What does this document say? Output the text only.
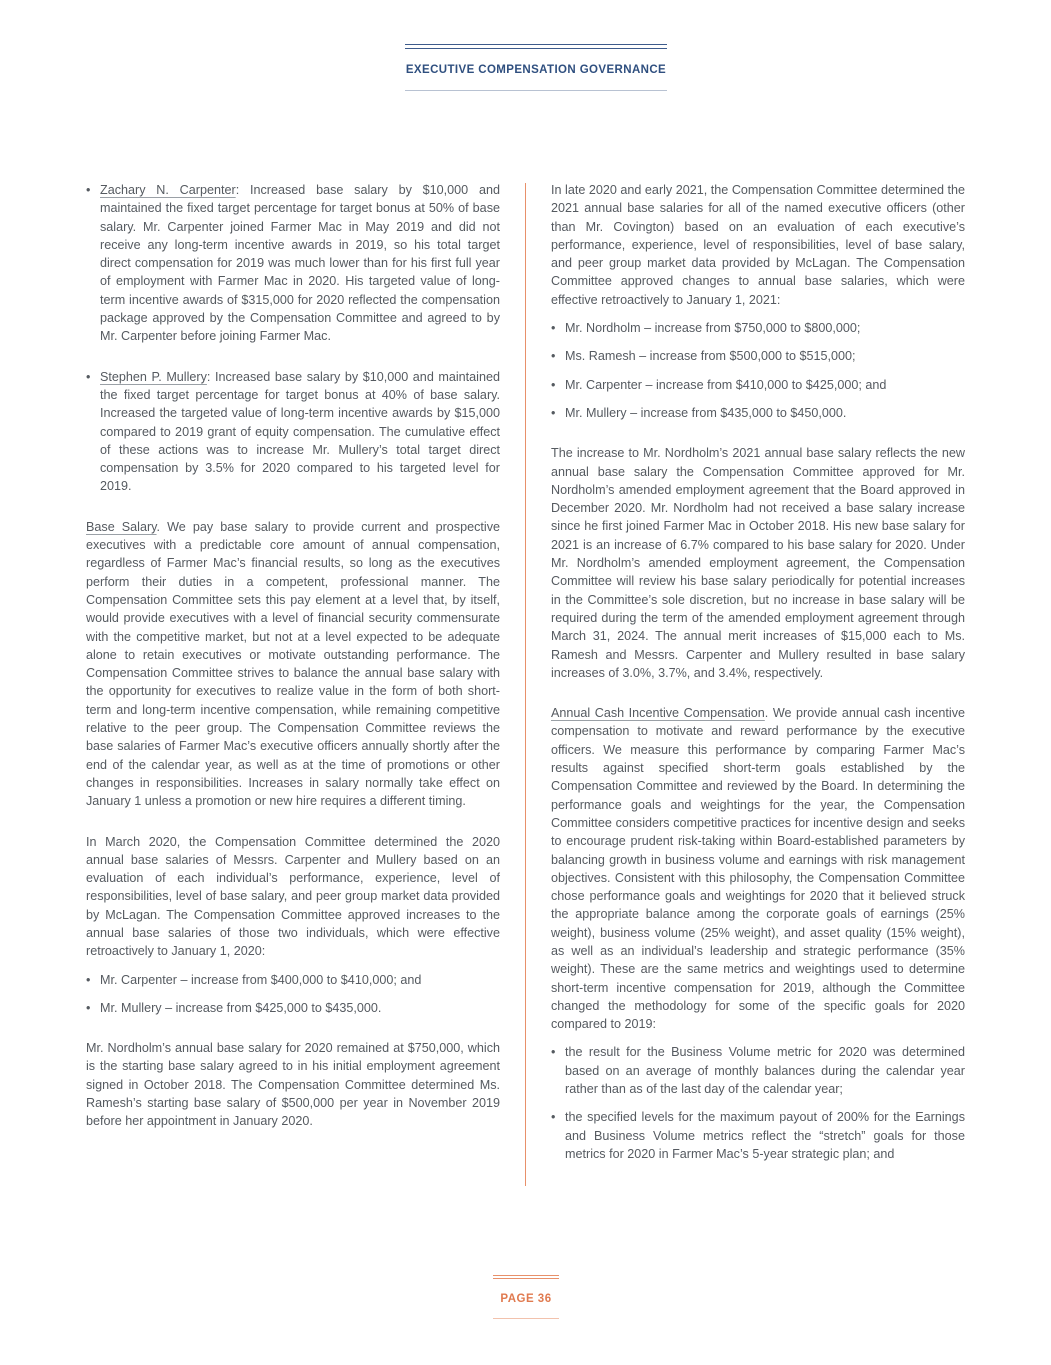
EXECUTIVE COMPENSATION GOVERNANCE
• Zachary N. Carpenter: Increased base salary by $10,000 and maintained the fixed target percentage for target bonus at 50% of base salary. Mr. Carpenter joined Farmer Mac in May 2019 and did not receive any long-term incentive awards in 2019, so his total target direct compensation for 2019 was much lower than for his first full year of employment with Farmer Mac in 2020. His targeted value of long-term incentive awards of $315,000 for 2020 reflected the compensation package approved by the Compensation Committee and agreed to by Mr. Carpenter before joining Farmer Mac.
• Stephen P. Mullery: Increased base salary by $10,000 and maintained the fixed target percentage for target bonus at 40% of base salary. Increased the targeted value of long-term incentive awards by $15,000 compared to 2019 grant of equity compensation. The cumulative effect of these actions was to increase Mr. Mullery’s total target direct compensation by 3.5% for 2020 compared to his targeted level for 2019.

Base Salary. We pay base salary to provide current and prospective executives with a predictable core amount of annual compensation, regardless of Farmer Mac’s financial results, so long as the executives perform their duties in a competent, professional manner. The Compensation Committee sets this pay element at a level that, by itself, would provide executives with a level of financial security commensurate with the competitive market, but not at a level expected to be adequate alone to retain executives or motivate outstanding performance. The Compensation Committee strives to balance the annual base salary with the opportunity for executives to realize value in the form of both short-term and long-term incentive compensation, while remaining competitive relative to the peer group. The Compensation Committee reviews the base salaries of Farmer Mac’s executive officers annually shortly after the end of the calendar year, as well as at the time of promotions or other changes in responsibilities. Increases in salary normally take effect on January 1 unless a promotion or new hire requires a different timing.

In March 2020, the Compensation Committee determined the 2020 annual base salaries of Messrs. Carpenter and Mullery based on an evaluation of each individual’s performance, experience, level of responsibilities, level of base salary, and peer group market data provided by McLagan. The Compensation Committee approved increases to the annual base salaries of those two individuals, which were effective retroactively to January 1, 2020:

• Mr. Carpenter – increase from $400,000 to $410,000; and
• Mr. Mullery – increase from $425,000 to $435,000.

Mr. Nordholm’s annual base salary for 2020 remained at $750,000, which is the starting base salary agreed to in his initial employment agreement signed in October 2018. The Compensation Committee determined Ms. Ramesh’s starting base salary of $500,000 per year in November 2019 before her appointment in January 2020.

In late 2020 and early 2021, the Compensation Committee determined the 2021 annual base salaries for all of the named executive officers (other than Mr. Covington) based on an evaluation of each executive’s performance, experience, level of responsibilities, level of base salary, and peer group market data provided by McLagan. The Compensation Committee approved changes to annual base salaries, which were effective retroactively to January 1, 2021:

• Mr. Nordholm – increase from $750,000 to $800,000;
• Ms. Ramesh – increase from $500,000 to $515,000;
• Mr. Carpenter – increase from $410,000 to $425,000; and
• Mr. Mullery – increase from $435,000 to $450,000.

The increase to Mr. Nordholm’s 2021 annual base salary reflects the new annual base salary the Compensation Committee approved for Mr. Nordholm’s amended employment agreement that the Board approved in December 2020. Mr. Nordholm had not received a base salary increase since he first joined Farmer Mac in October 2018. His new base salary for 2021 is an increase of 6.7% compared to his base salary for 2020. Under Mr. Nordholm’s amended employment agreement, the Compensation Committee will review his base salary periodically for potential increases in the Committee’s sole discretion, but no increase in base salary will be required during the term of the amended employment agreement through March 31, 2024. The annual merit increases of $15,000 each to Ms. Ramesh and Messrs. Carpenter and Mullery resulted in base salary increases of 3.0%, 3.7%, and 3.4%, respectively.

Annual Cash Incentive Compensation. We provide annual cash incentive compensation to motivate and reward performance by the executive officers. We measure this performance by comparing Farmer Mac’s results against specified short-term goals established by the Compensation Committee and reviewed by the Board. In determining the performance goals and weightings for the year, the Compensation Committee considers competitive practices for incentive design and seeks to encourage prudent risk-taking within Board-established parameters by balancing growth in business volume and earnings with risk management objectives. Consistent with this philosophy, the Compensation Committee chose performance goals and weightings for 2020 that it believed struck the appropriate balance among the corporate goals of earnings (25% weight), business volume (25% weight), and asset quality (15% weight), as well as an individual’s leadership and strategic performance (35% weight). These are the same metrics and weightings used to determine short-term incentive compensation for 2019, although the Committee changed the methodology for some of the specific goals for 2020 compared to 2019:

• the result for the Business Volume metric for 2020 was determined based on an average of monthly balances during the calendar year rather than as of the last day of the calendar year;
• the specified levels for the maximum payout of 200% for the Earnings and Business Volume metrics reflect the “stretch” goals for those metrics for 2020 in Farmer Mac’s 5-year strategic plan; and
PAGE 36
